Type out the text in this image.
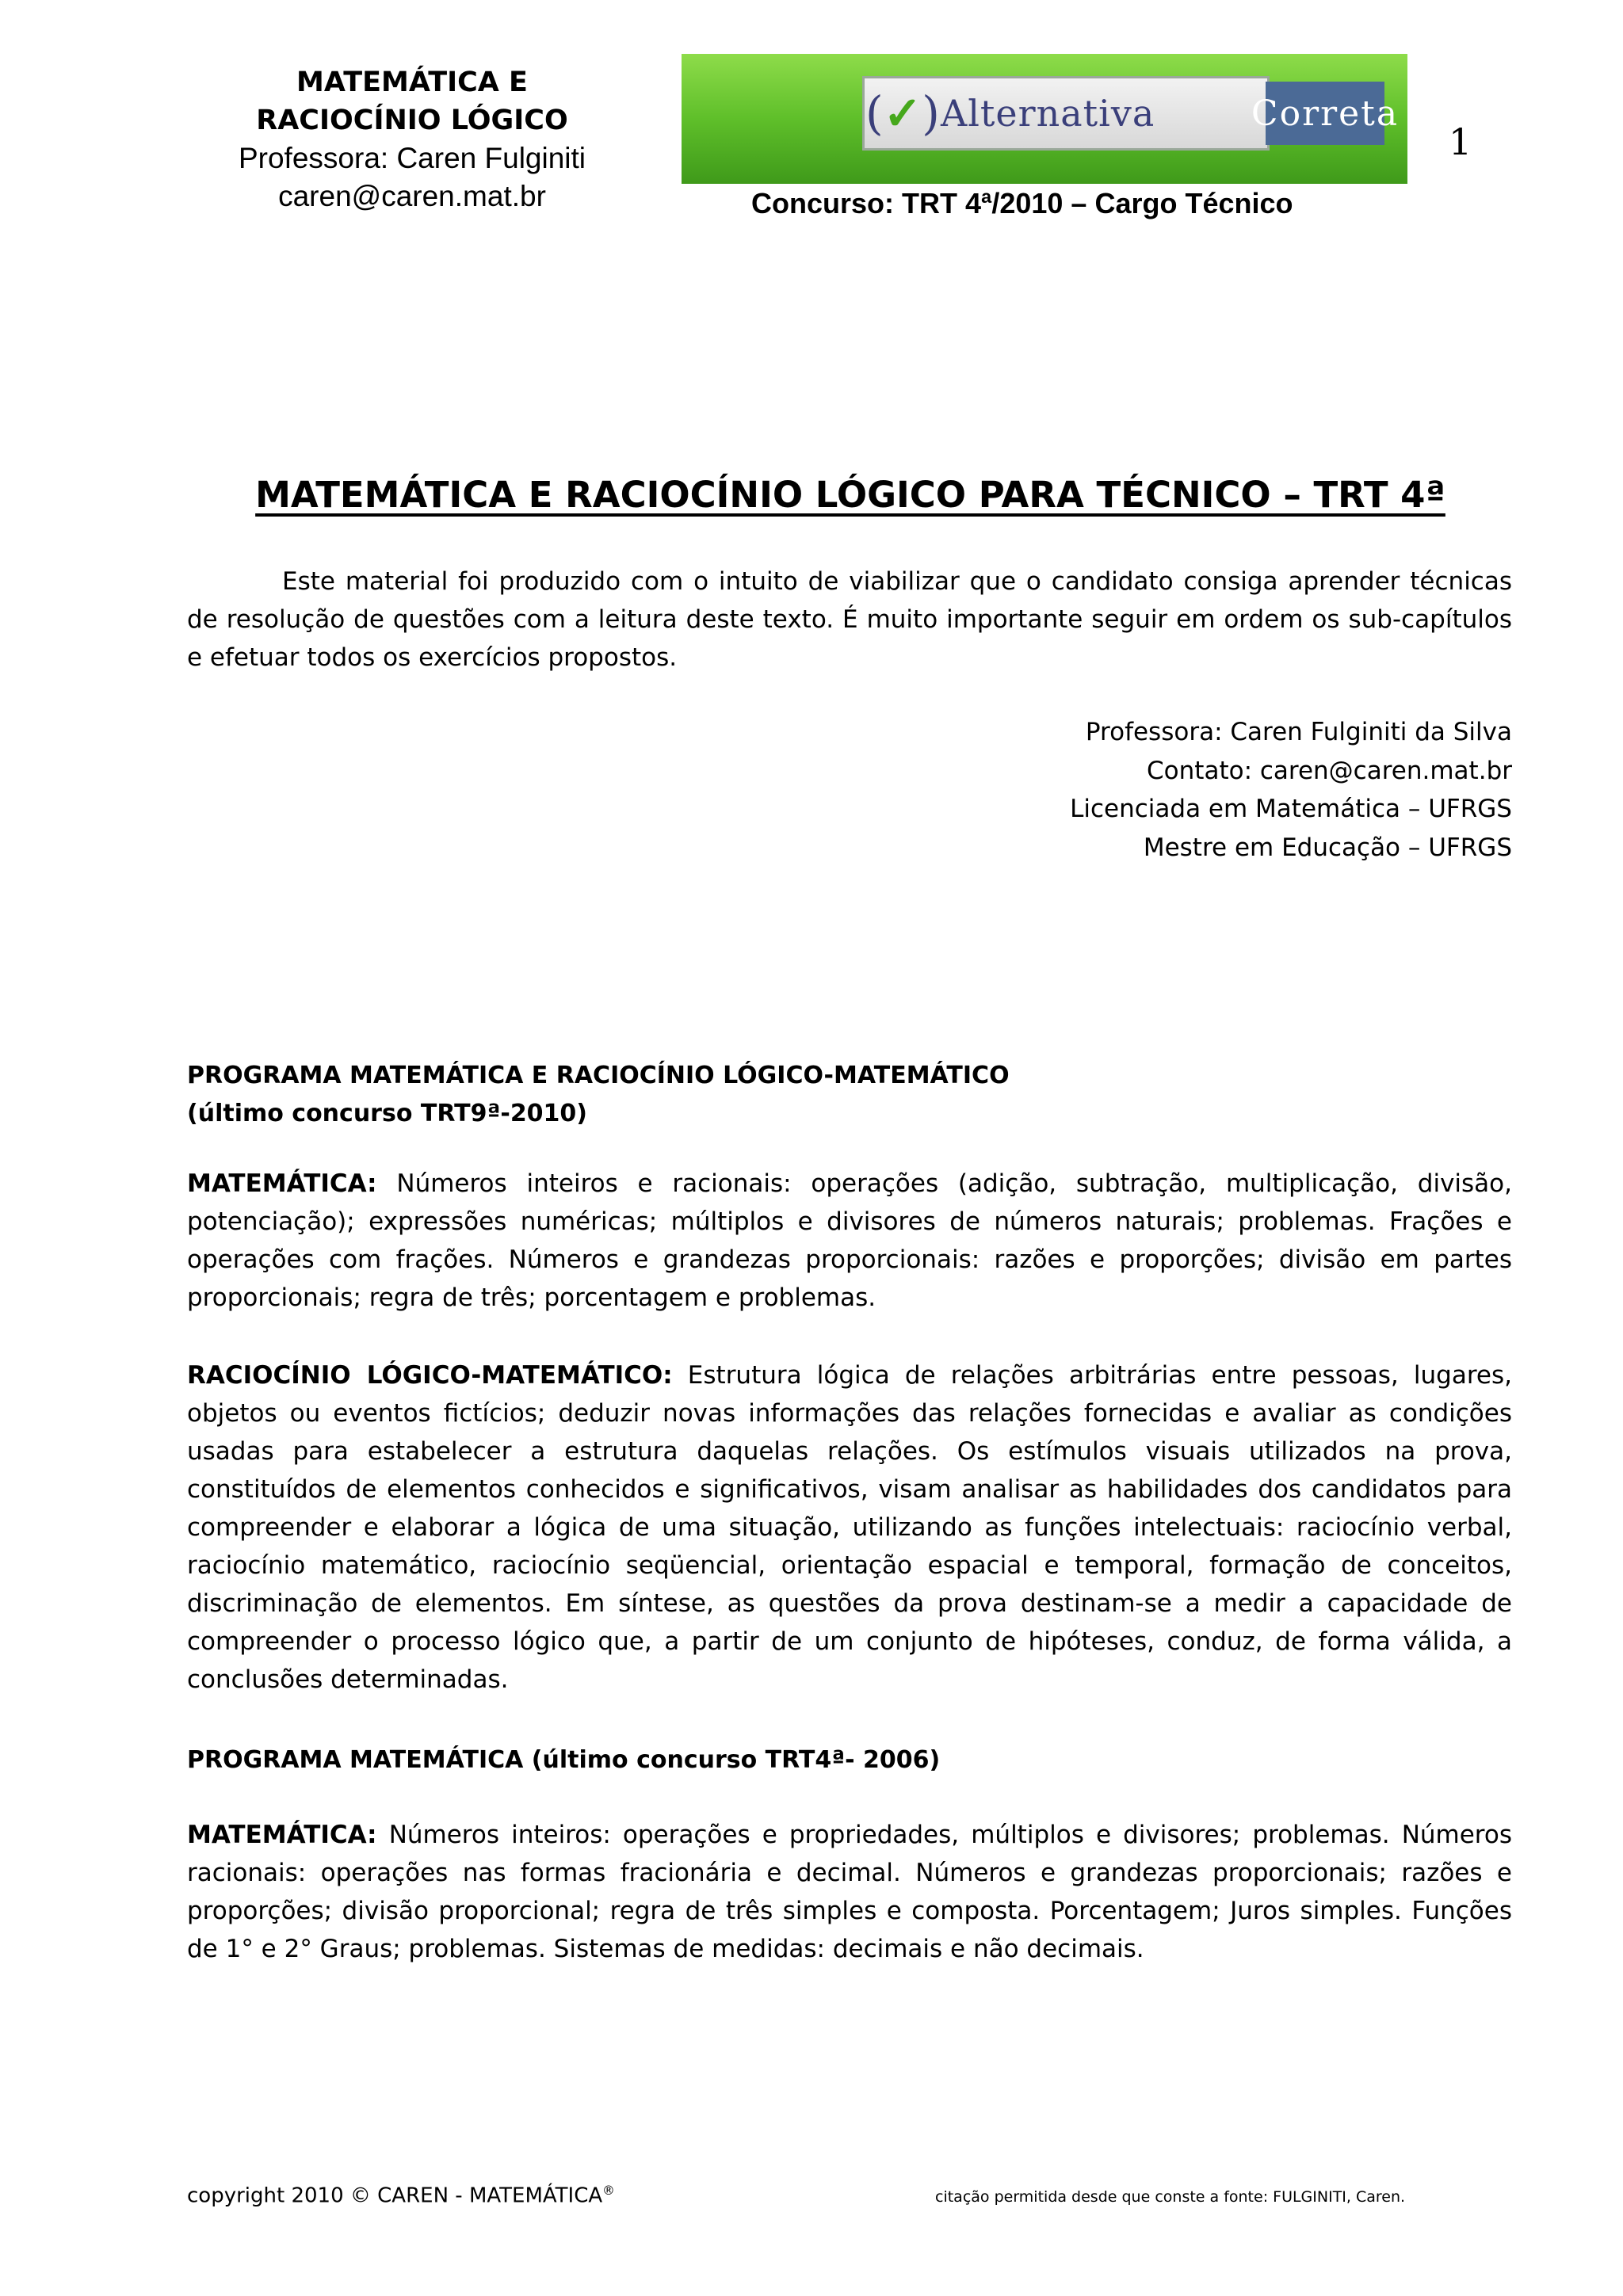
MATEMÁTICA E
RACIOCÍNIO LÓGICO
Professora: Caren Fulginiti
caren@caren.mat.br
( ✓ ) Alternativa	Correta
Concurso: TRT 4ª/2010 – Cargo Técnico
1
MATEMÁTICA E RACIOCÍNIO LÓGICO PARA TÉCNICO – TRT 4ª

Este material foi produzido com o intuito de viabilizar que o candidato consiga aprender técnicas de resolução de questões com a leitura deste texto. É muito importante seguir em ordem os sub-capítulos e efetuar todos os exercícios propostos.

Professora: Caren Fulginiti da Silva
Contato: caren@caren.mat.br
Licenciada em Matemática – UFRGS
Mestre em Educação – UFRGS
PROGRAMA MATEMÁTICA E RACIOCÍNIO LÓGICO-MATEMÁTICO
(último concurso TRT9ª-2010)
MATEMÁTICA: Números inteiros e racionais: operações (adição, subtração, multiplicação, divisão, potenciação); expressões numéricas; múltiplos e divisores de números naturais; problemas. Frações e operações com frações. Números e grandezas proporcionais: razões e proporções; divisão em partes proporcionais; regra de três; porcentagem e problemas.
RACIOCÍNIO LÓGICO-MATEMÁTICO: Estrutura lógica de relações arbitrárias entre pessoas, lugares, objetos ou eventos fictícios; deduzir novas informações das relações fornecidas e avaliar as condições usadas para estabelecer a estrutura daquelas relações. Os estímulos visuais utilizados na prova, constituídos de elementos conhecidos e significativos, visam analisar as habilidades dos candidatos para compreender e elaborar a lógica de uma situação, utilizando as funções intelectuais: raciocínio verbal, raciocínio matemático, raciocínio seqüencial, orientação espacial e temporal, formação de conceitos, discriminação de elementos. Em síntese, as questões da prova destinam-se a medir a capacidade de compreender o processo lógico que, a partir de um conjunto de hipóteses, conduz, de forma válida, a conclusões determinadas.
PROGRAMA MATEMÁTICA (último concurso TRT4ª- 2006)
MATEMÁTICA: Números inteiros: operações e propriedades, múltiplos e divisores; problemas. Números racionais: operações nas formas fracionária e decimal. Números e grandezas proporcionais; razões e proporções; divisão proporcional; regra de três simples e composta. Porcentagem; Juros simples. Funções de 1° e 2° Graus; problemas. Sistemas de medidas: decimais e não decimais.
copyright 2010 © CAREN - MATEMÁTICA®	citação permitida desde que conste a fonte: FULGINITI, Caren.
